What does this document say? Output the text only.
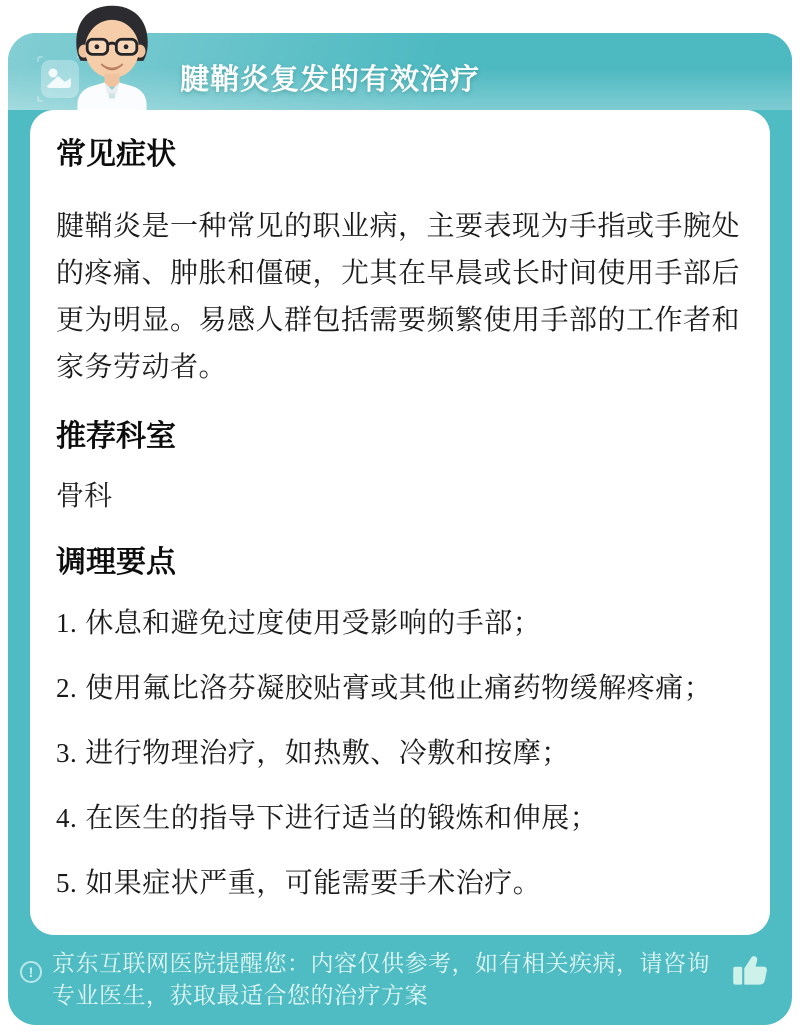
腱鞘炎复发的有效治疗
常见症状

腱鞘炎是一种常见的职业病，主要表现为手指或手腕处的疼痛、肿胀和僵硬，尤其在早晨或长时间使用手部后更为明显。易感人群包括需要频繁使用手部的工作者和家务劳动者。

推荐科室

骨科

调理要点
1. 休息和避免过度使用受影响的手部；
2. 使用氟比洛芬凝胶贴膏或其他止痛药物缓解疼痛；
3. 进行物理治疗，如热敷、冷敷和按摩；
4. 在医生的指导下进行适当的锻炼和伸展；
5. 如果症状严重，可能需要手术治疗。
! 京东互联网医院提醒您：内容仅供参考，如有相关疾病，请咨询专业医生，获取最适合您的治疗方案
